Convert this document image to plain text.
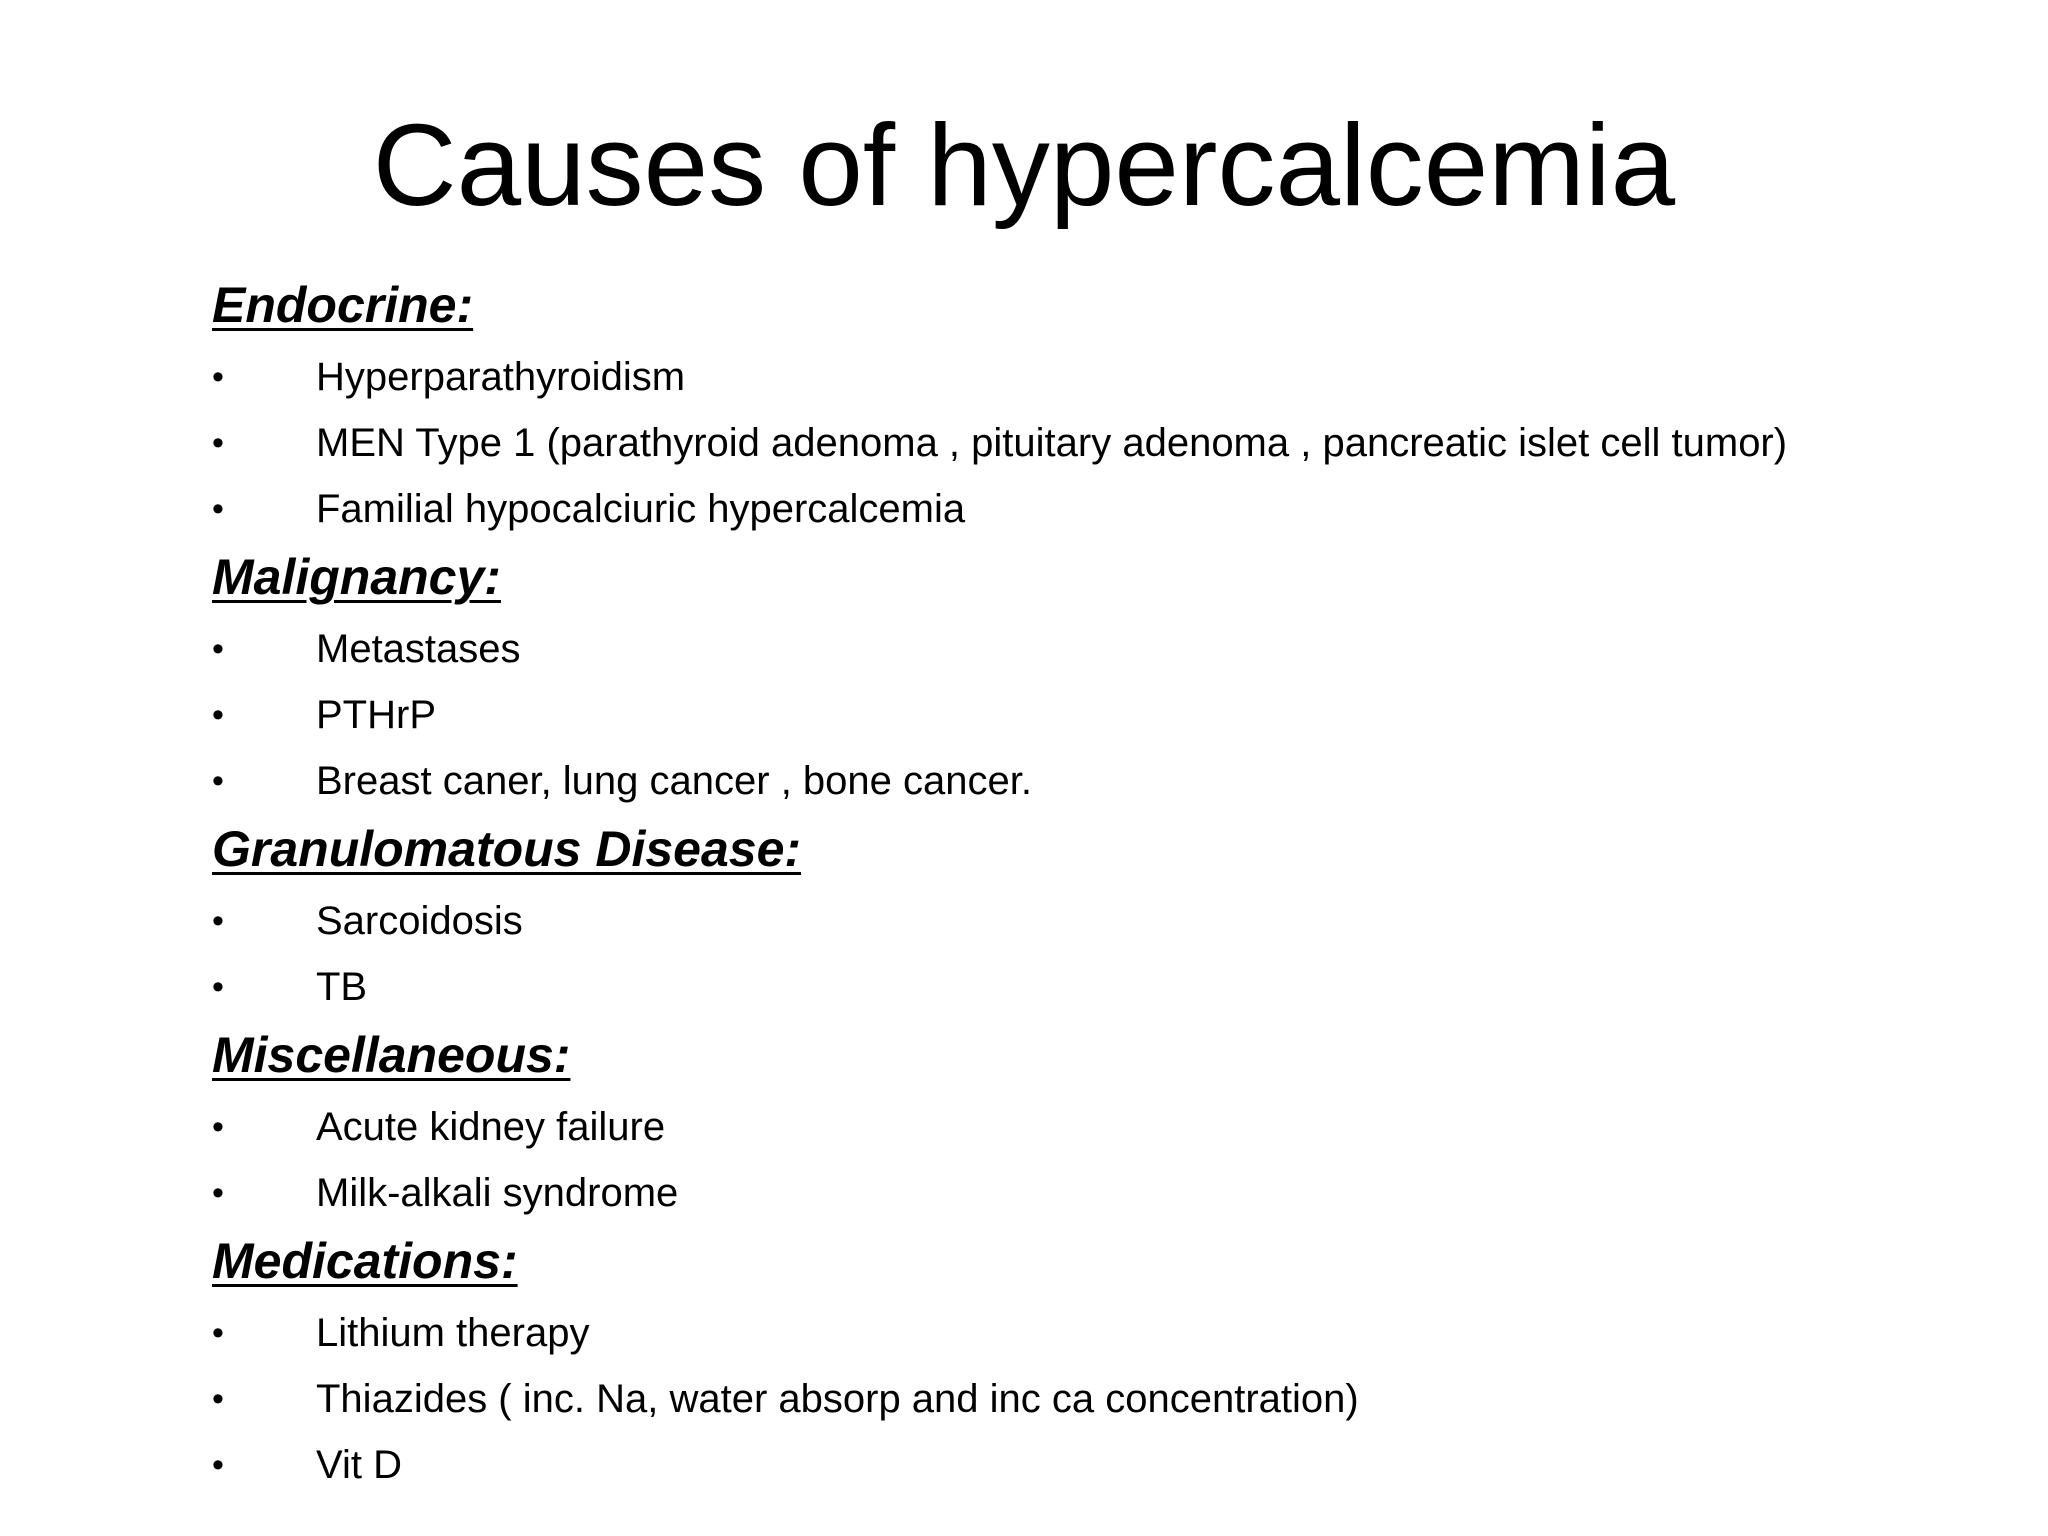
Causes of hypercalcemia
Endocrine:
• Hyperparathyroidism
• MEN Type 1 (parathyroid adenoma , pituitary adenoma , pancreatic islet cell tumor)
• Familial hypocalciuric hypercalcemia
Malignancy:
• Metastases
• PTHrP
• Breast caner, lung cancer , bone cancer.
Granulomatous Disease:
• Sarcoidosis
• TB
Miscellaneous:
• Acute kidney failure
• Milk-alkali syndrome
Medications:
• Lithium therapy
• Thiazides ( inc. Na, water absorp and inc ca concentration)
• Vit D
